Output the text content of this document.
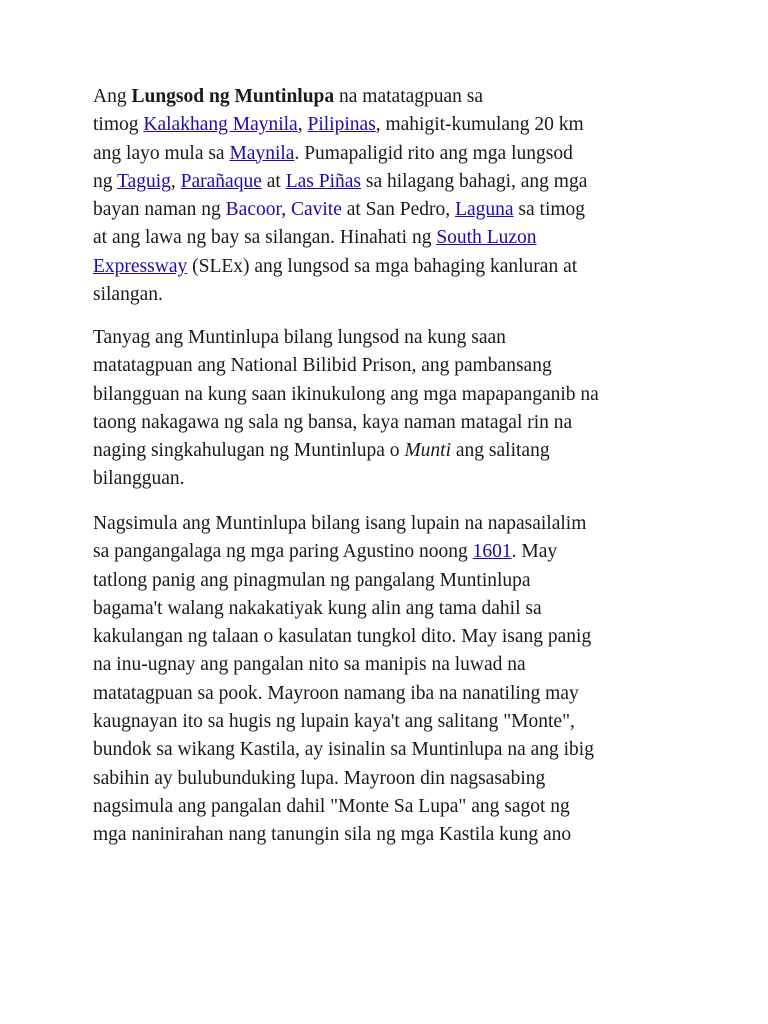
Ang Lungsod ng Muntinlupa na matatagpuan sa
timog Kalakhang Maynila, Pilipinas, mahigit-kumulang 20 km
ang layo mula sa Maynila. Pumapaligid rito ang mga lungsod
ng Taguig, Parañaque at Las Piñas sa hilagang bahagi, ang mga
bayan naman ng Bacoor, Cavite at San Pedro, Laguna sa timog
at ang lawa ng bay sa silangan. Hinahati ng South Luzon
Expressway (SLEx) ang lungsod sa mga bahaging kanluran at
silangan.
Tanyag ang Muntinlupa bilang lungsod na kung saan
matatagpuan ang National Bilibid Prison, ang pambansang
bilangguan na kung saan ikinukulong ang mga mapapanganib na
taong nakagawa ng sala ng bansa, kaya naman matagal rin na
naging singkahulugan ng Muntinlupa o Munti ang salitang
bilangguan.
Nagsimula ang Muntinlupa bilang isang lupain na napasailalim
sa pangangalaga ng mga paring Agustino noong 1601. May
tatlong panig ang pinagmulan ng pangalang Muntinlupa
bagama't walang nakakatiyak kung alin ang tama dahil sa
kakulangan ng talaan o kasulatan tungkol dito. May isang panig
na inu-ugnay ang pangalan nito sa manipis na luwad na
matatagpuan sa pook. Mayroon namang iba na nanatiling may
kaugnayan ito sa hugis ng lupain kaya't ang salitang "Monte",
bundok sa wikang Kastila, ay isinalin sa Muntinlupa na ang ibig
sabihin ay bulubunduking lupa. Mayroon din nagsasabing
nagsimula ang pangalan dahil "Monte Sa Lupa" ang sagot ng
mga naninirahan nang tanungin sila ng mga Kastila kung ano
